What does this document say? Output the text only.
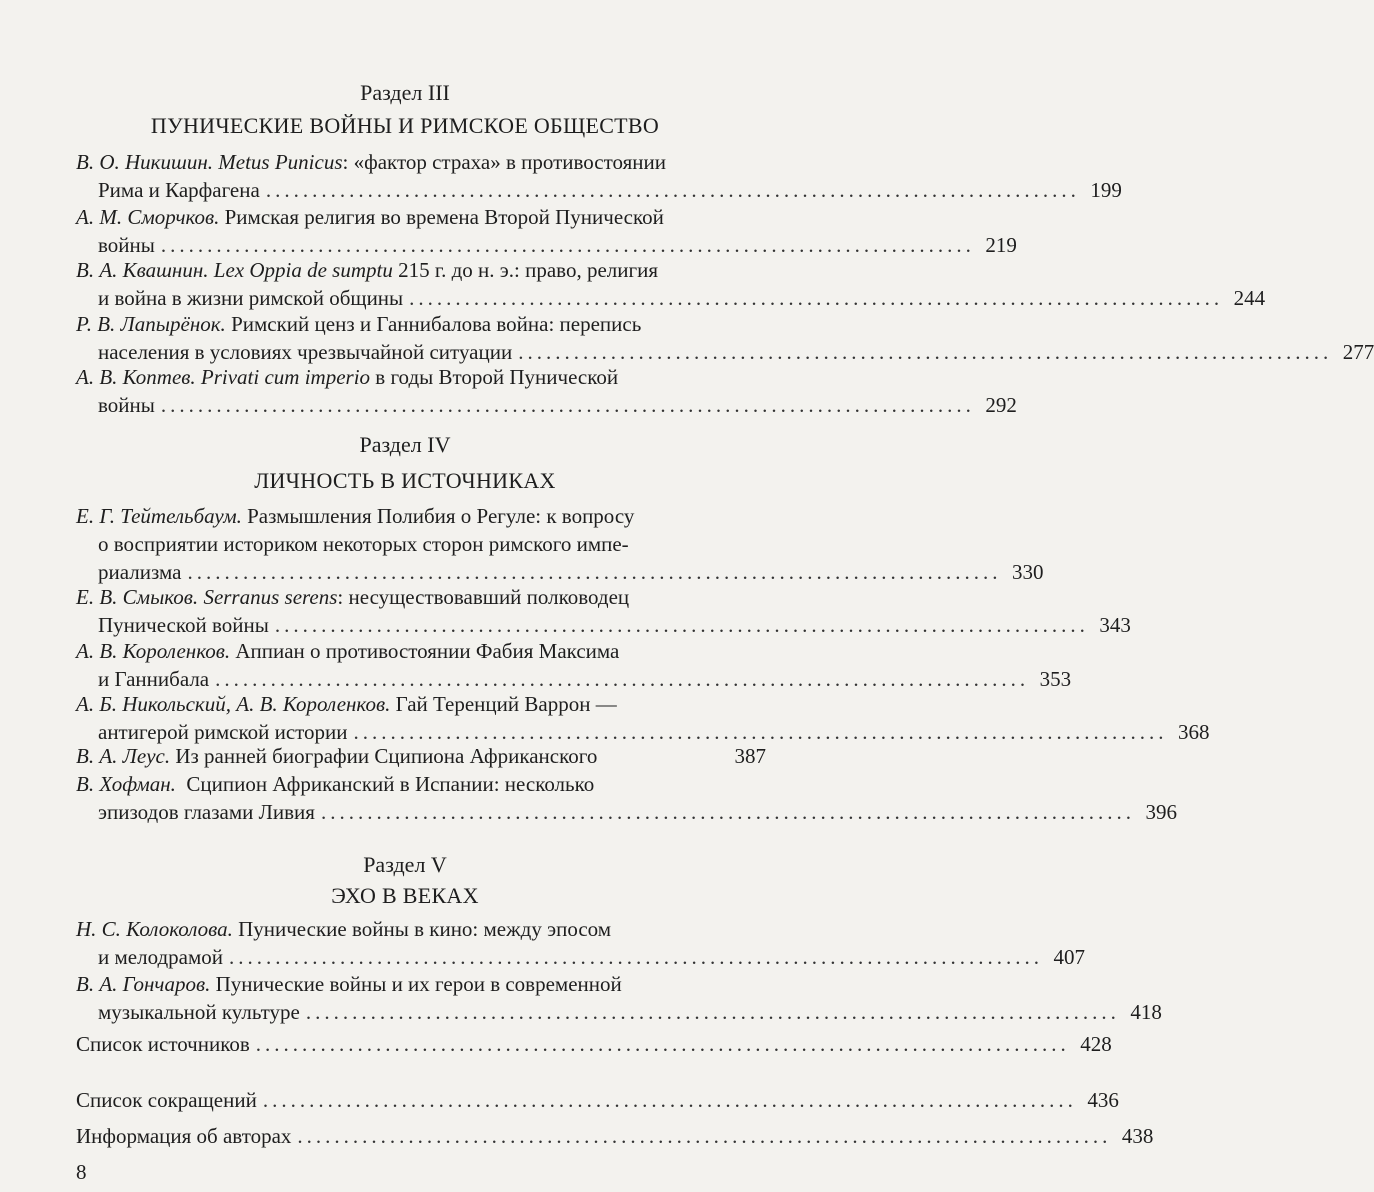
Раздел III
ПУНИЧЕСКИЕ ВОЙНЫ И РИМСКОЕ ОБЩЕСТВО
В. О. Никишин. Metus Punicus: «фактор страха» в противостоянии
Рима и Карфагена ........................................................................................ 199
А. М. Сморчков. Римская религия во времена Второй Пунической
войны ........................................................................................ 219
В. А. Квашнин. Lex Oppia de sumptu 215 г. до н. э.: право, религия
и война в жизни римской общины ........................................................................................ 244
Р. В. Лапырёнок. Римский ценз и Ганнибалова война: перепись
населения в условиях чрезвычайной ситуации ........................................................................................ 277
А. В. Коптев. Privati cum imperio в годы Второй Пунической
войны ........................................................................................ 292
Раздел IV
ЛИЧНОСТЬ В ИСТОЧНИКАХ
Е. Г. Тейтельбаум. Размышления Полибия о Регуле: к вопросу
о восприятии историком некоторых сторон римского импе-
риализма ........................................................................................ 330
Е. В. Смыков. Serranus serens: несуществовавший полководец
Пунической войны ........................................................................................ 343
А. В. Короленков. Аппиан о противостоянии Фабия Максима
и Ганнибала ........................................................................................ 353
А. Б. Никольский, А. В. Короленков. Гай Теренций Варрон —
антигерой римской истории ........................................................................................ 368
В. А. Леус. Из ранней биографии Сципиона Африканского	387
В. Хофман. Сципион Африканский в Испании: несколько
эпизодов глазами Ливия ........................................................................................ 396
Раздел V
ЭХО В ВЕКАХ
Н. С. Колоколова. Пунические войны в кино: между эпосом
и мелодрамой ........................................................................................ 407
В. А. Гончаров. Пунические войны и их герои в современной
музыкальной культуре ........................................................................................ 418
Список источников ........................................................................................ 428
Список сокращений ........................................................................................ 436
Информация об авторах ........................................................................................ 438
8
